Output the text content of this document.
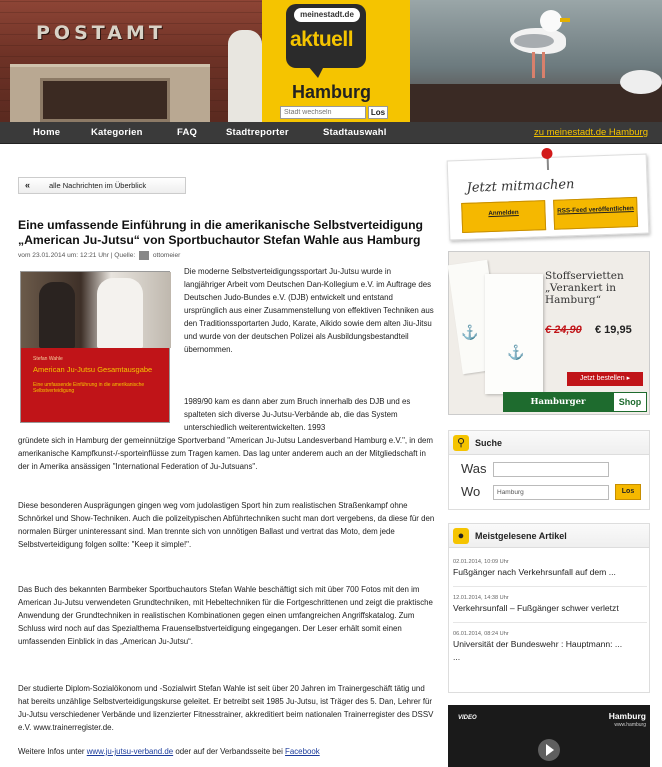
POSTAMT
meinestadt.de
aktuell
Hamburg
Stadt wechseln
Los
Home	Kategorien	FAQ	Stadtreporter	Stadtauswahl	zu meinestadt.de Hamburg
«	alle Nachrichten im Überblick
Eine umfassende Einführung in die amerikanische Selbstverteidigung „American Ju-Jutsu“ von Sportbuchautor Stefan Wahle aus Hamburg
vom 23.01.2014 um: 12:21 Uhr | Quelle:	ottomeier
Stefan Wahle
American Ju-Jutsu Gesamtausgabe
Eine umfassende Einführung in die amerikanische Selbstverteidigung

Die moderne Selbstverteidigungssportart Ju-Jutsu wurde in langjähriger Arbeit vom Deutschen Dan-Kollegium e.V. im Auftrage des Deutschen Judo-Bundes e.V. (DJB) entwickelt und entstand ursprünglich aus einer Zusammenstellung von effektiven Techniken aus den Traditionssportarten Judo, Karate, Aikido sowie dem alten Jiu-Jitsu und wurde von der deutschen Polizei als Ausbildungsbestandteil übernommen.

1989/90 kam es dann aber zum Bruch innerhalb des DJB und es spalteten sich diverse Ju-Jutsu-Verbände ab, die das System unterschiedlich weiterentwickelten. 1993

gründete sich in Hamburg der gemeinnützige Sportverband "American Ju-Jutsu Landesverband Hamburg e.V.", in dem amerikanische Kampfkunst-/-sporteinflüsse zum Tragen kamen. Das lag unter anderem auch an der Mitgliedschaft in der in Amerika ansässigen "International Federation of Ju-Jutsuans".

Diese besonderen Ausprägungen gingen weg vom judolastigen Sport hin zum realistischen Straßenkampf ohne Schnörkel und Show-Techniken. Auch die polizeitypischen Abführtechniken sucht man dort vergebens, da diese für den normalen Bürger uninteressant sind. Man trennte sich von unnötigen Ballast und vertrat das Moto, dem jede Selbstverteidigung folgen sollte: "Keep it simple!".

Das Buch des bekannten Barmbeker Sportbuchautors Stefan Wahle beschäftigt sich mit über 700 Fotos mit den im American Ju-Jutsu verwendeten Grundtechniken, mit Hebeltechniken für die Fortgeschrittenen und zeigt die praktische Anwendung der Grundtechniken in realistischen Kombinationen gegen einen umfangreichen Angriffskatalog. Zum Schluss wird noch auf das Spezialthema Frauenselbstverteidigung eingegangen. Der Leser erhält somit einen umfassenden Einblick in das „American Ju-Jutsu“.

Der studierte Diplom-Sozialökonom und -Sozialwirt Stefan Wahle ist seit über 20 Jahren im Trainergeschäft tätig und hat bereits unzählige Selbstverteidigungskurse geleitet. Er betreibt seit 1985 Ju-Jutsu, ist Träger des 5. Dan, Lehrer für Ju-Jutsu verschiedener Verbände und lizenzierter Fitnesstrainer, akkreditiert beim nationalen Trainerregister des DSSV e.V. www.trainerregister.de.

Weitere Infos unter www.ju-jutsu-verband.de oder auf der Verbandsseite bei Facebook

Jetzt mitmachen
Anmelden	RSS-Feed veröffentlichen
⚓
⚓
Stoffservietten „Verankert in Hamburg“
€ 24,90 € 19,95
Jetzt bestellen ▸
Hamburger Abendblatt
Shop
⚲	Suche
Was
Wo
Hamburg	Los
●	Meistgelesene Artikel
02.01.2014, 10:09 Uhr
Fußgänger nach Verkehrsunfall auf dem ...
12.01.2014, 14:38 Uhr
Verkehrsunfall – Fußgänger schwer verletzt
06.01.2014, 08:24 Uhr
Universität der Bundeswehr : Hauptmann: ...
...
VIDEO	Hamburg
www.hamburg
